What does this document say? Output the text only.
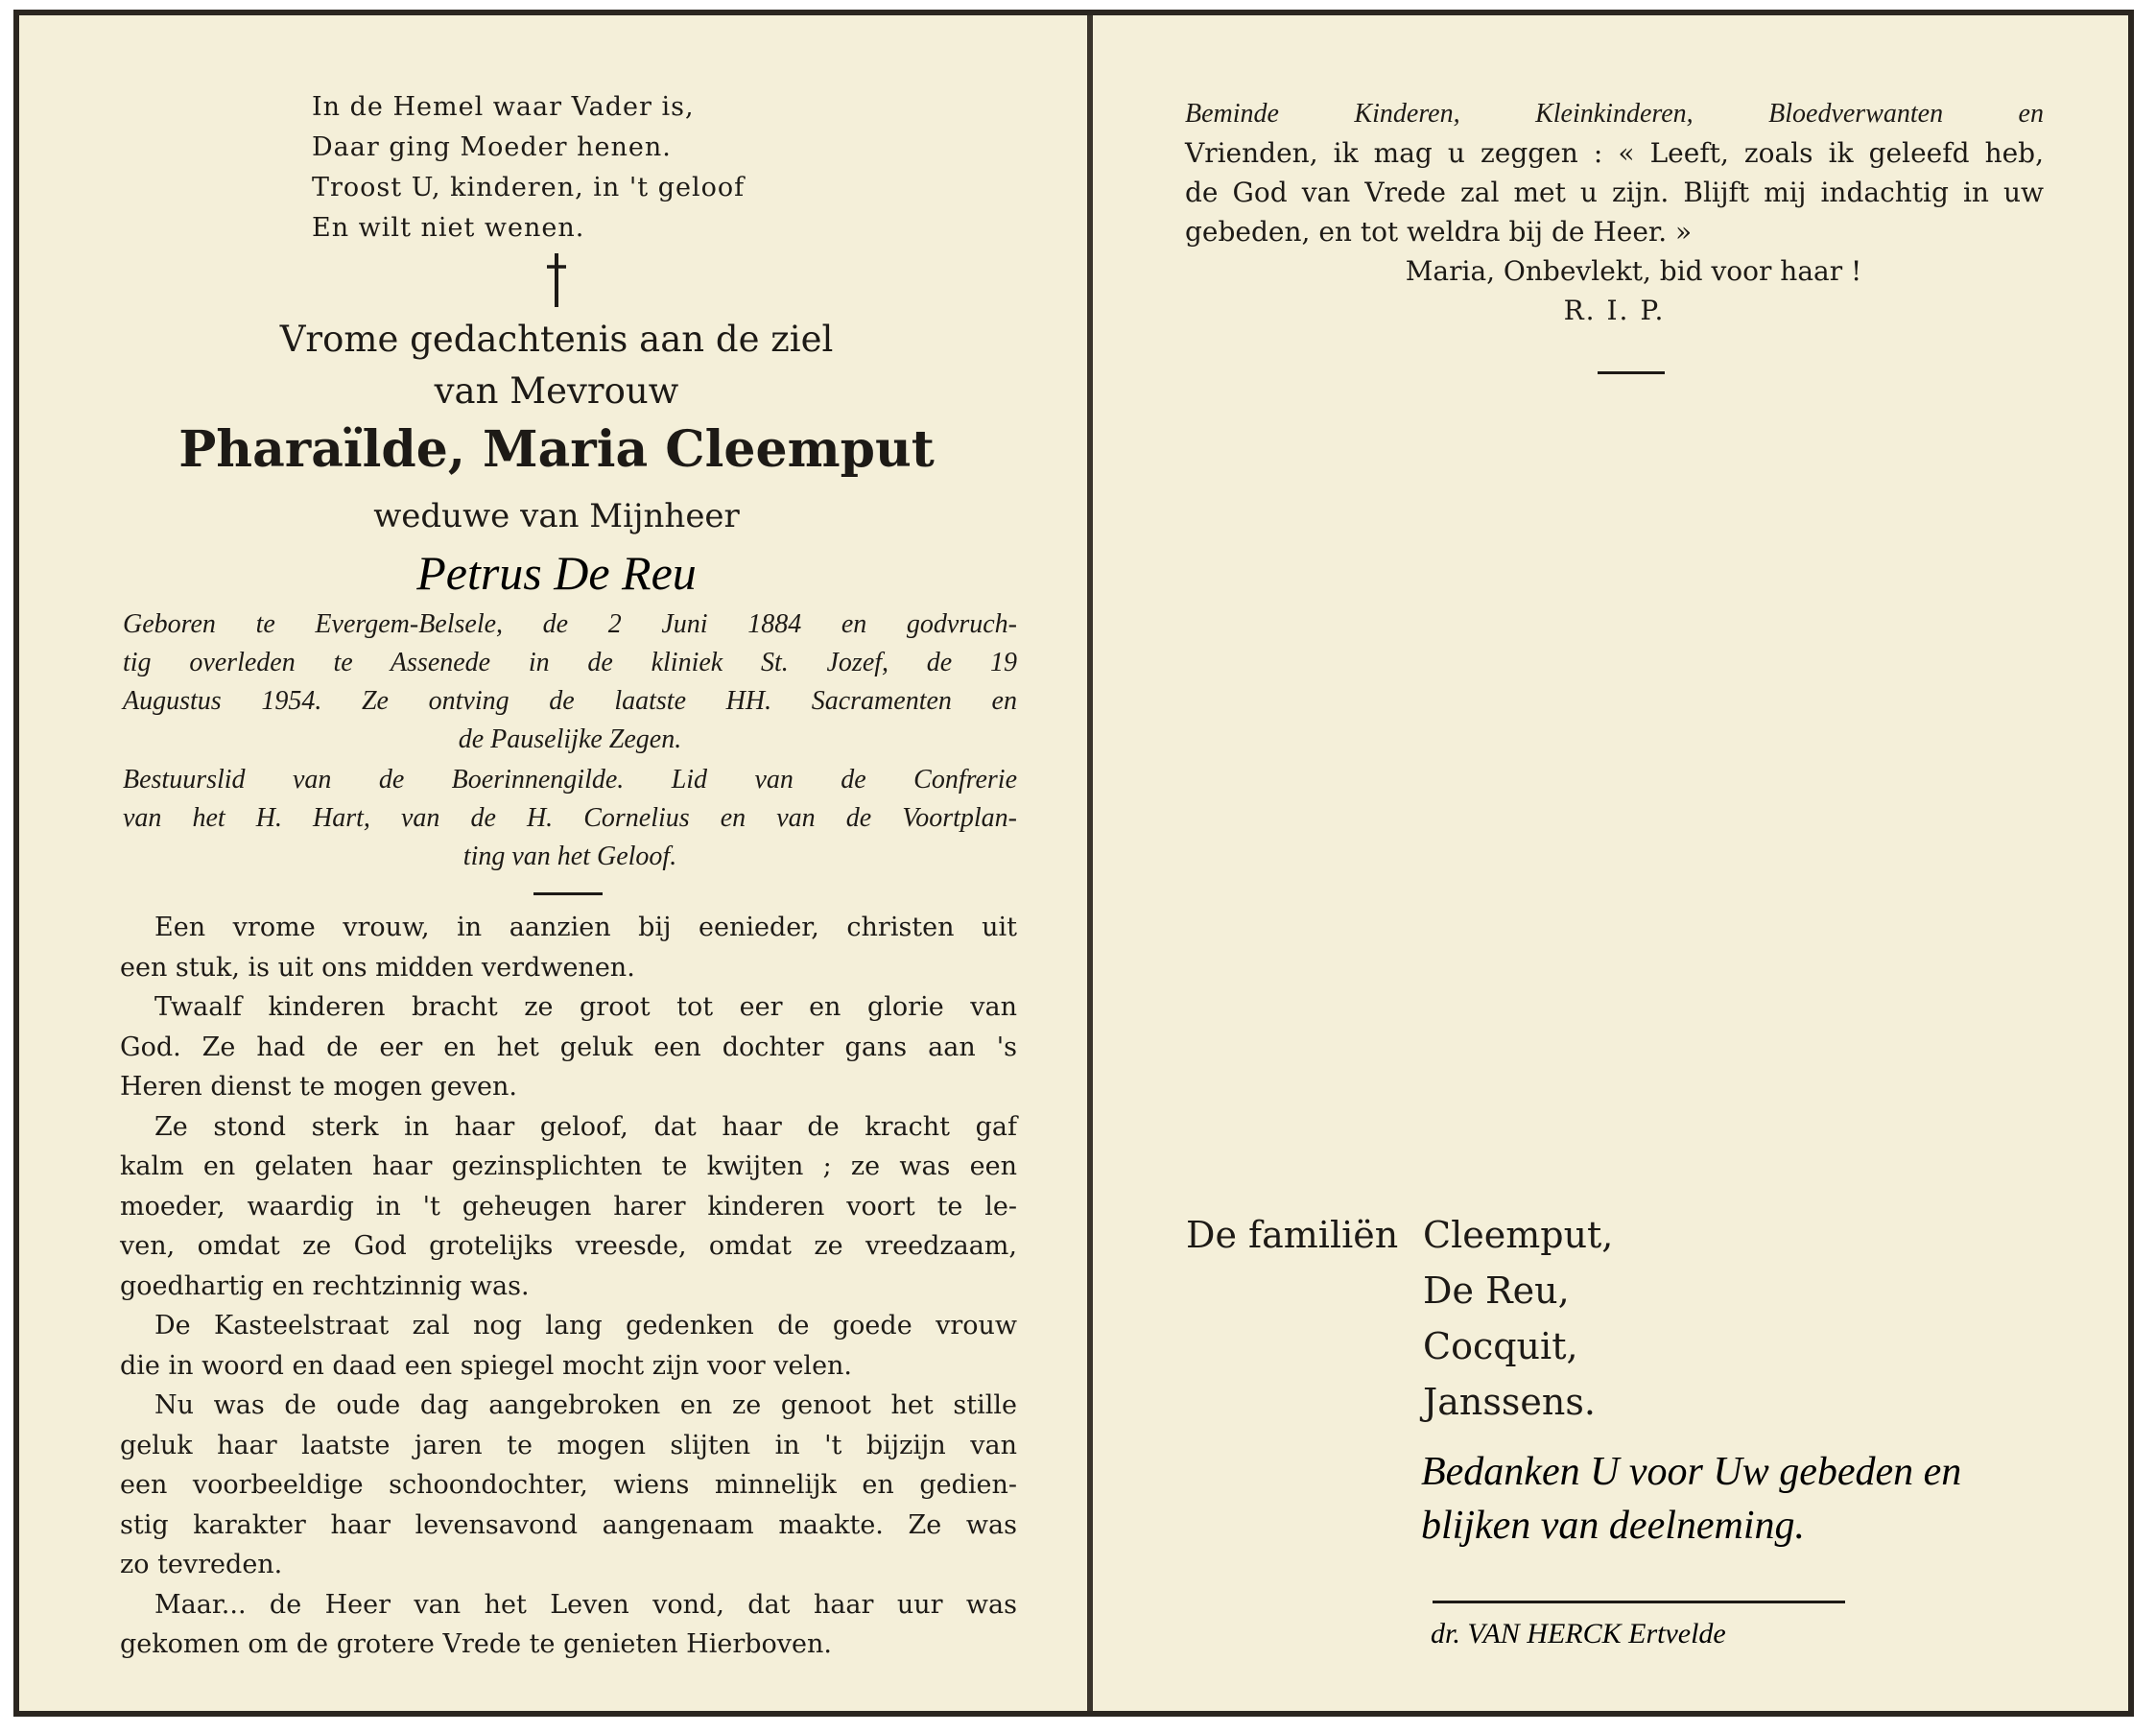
In de Hemel waar Vader is,
Daar ging Moeder henen.
Troost U, kinderen, in 't geloof
En wilt niet wenen.
Vrome gedachtenis aan de ziel
van Mevrouw
Pharaïlde, Maria Cleemput
weduwe van Mijnheer
Petrus De Reu
Geboren te Evergem-Belsele, de 2 Juni 1884 en godvruch-
tig overleden te Assenede in de kliniek St. Jozef, de 19
Augustus 1954. Ze ontving de laatste HH. Sacramenten en
de Pauselijke Zegen.
Bestuurslid van de Boerinnengilde. Lid van de Confrerie
van het H. Hart, van de H. Cornelius en van de Voortplan-
ting van het Geloof.
Een vrome vrouw, in aanzien bij eenieder, christen uit
een stuk, is uit ons midden verdwenen.
Twaalf kinderen bracht ze groot tot eer en glorie van
God. Ze had de eer en het geluk een dochter gans aan 's
Heren dienst te mogen geven.
Ze stond sterk in haar geloof, dat haar de kracht gaf
kalm en gelaten haar gezinsplichten te kwijten ; ze was een
moeder, waardig in 't geheugen harer kinderen voort te le-
ven, omdat ze God grotelijks vreesde, omdat ze vreedzaam,
goedhartig en rechtzinnig was.
De Kasteelstraat zal nog lang gedenken de goede vrouw
die in woord en daad een spiegel mocht zijn voor velen.
Nu was de oude dag aangebroken en ze genoot het stille
geluk haar laatste jaren te mogen slijten in 't bijzijn van
een voorbeeldige schoondochter, wiens minnelijk en gedien-
stig karakter haar levensavond aangenaam maakte. Ze was
zo tevreden.
Maar... de Heer van het Leven vond, dat haar uur was
gekomen om de grotere Vrede te genieten Hierboven.
Beminde Kinderen, Kleinkinderen, Bloedverwanten en
Vrienden, ik mag u zeggen : « Leeft, zoals ik geleefd heb,
de God van Vrede zal met u zijn. Blijft mij indachtig in uw
gebeden, en tot weldra bij de Heer. »
Maria, Onbevlekt, bid voor haar !
R. I. P.
De familiën Cleemput,
De Reu,
Cocquit,
Janssens.
Bedanken U voor Uw gebeden en
blijken van deelneming.
dr. VAN HERCK Ertvelde
